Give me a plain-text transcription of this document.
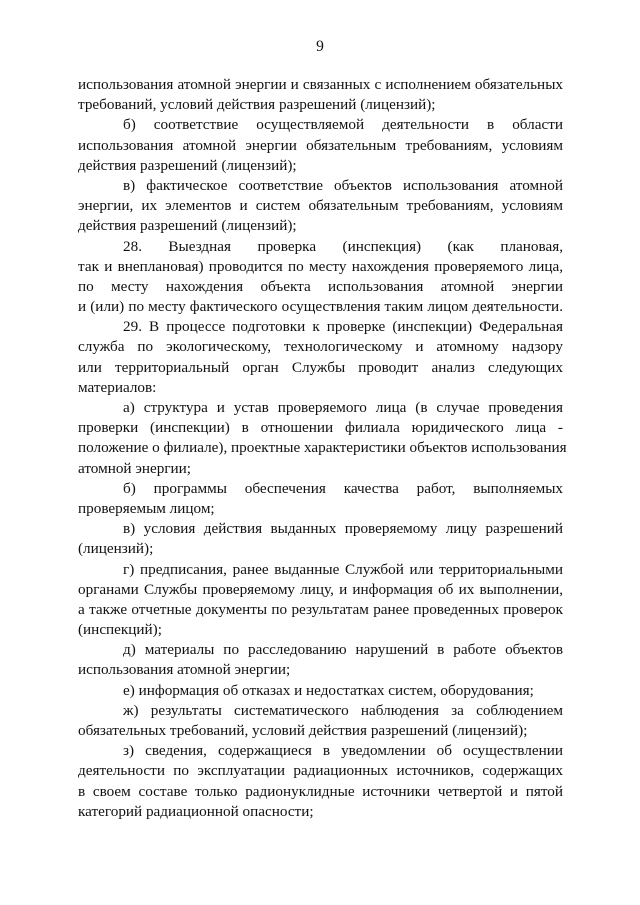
9
использования атомной энергии и связанных с исполнением обязательных
требований, условий действия разрешений (лицензий);
б) соответствие осуществляемой деятельности в области
использования атомной энергии обязательным требованиям, условиям
действия разрешений (лицензий);
в) фактическое соответствие объектов использования атомной
энергии, их элементов и систем обязательным требованиям, условиям
действия разрешений (лицензий);
28. Выездная проверка (инспекция) (как плановая,
так и внеплановая) проводится по месту нахождения проверяемого лица,
по месту нахождения объекта использования атомной энергии
и (или) по месту фактического осуществления таким лицом деятельности.
29. В процессе подготовки к проверке (инспекции) Федеральная
служба по экологическому, технологическому и атомному надзору
или территориальный орган Службы проводит анализ следующих
материалов:
а) структура и устав проверяемого лица (в случае проведения
проверки (инспекции) в отношении филиала юридического лица -
положение о филиале), проектные характеристики объектов использования
атомной энергии;
б) программы обеспечения качества работ, выполняемых
проверяемым лицом;
в) условия действия выданных проверяемому лицу разрешений
(лицензий);
г) предписания, ранее выданные Службой или территориальными
органами Службы проверяемому лицу, и информация об их выполнении,
а также отчетные документы по результатам ранее проведенных проверок
(инспекций);
д) материалы по расследованию нарушений в работе объектов
использования атомной энергии;
е) информация об отказах и недостатках систем, оборудования;
ж) результаты систематического наблюдения за соблюдением
обязательных требований, условий действия разрешений (лицензий);
з) сведения, содержащиеся в уведомлении об осуществлении
деятельности по эксплуатации радиационных источников, содержащих
в своем составе только радионуклидные источники четвертой и пятой
категорий радиационной опасности;
